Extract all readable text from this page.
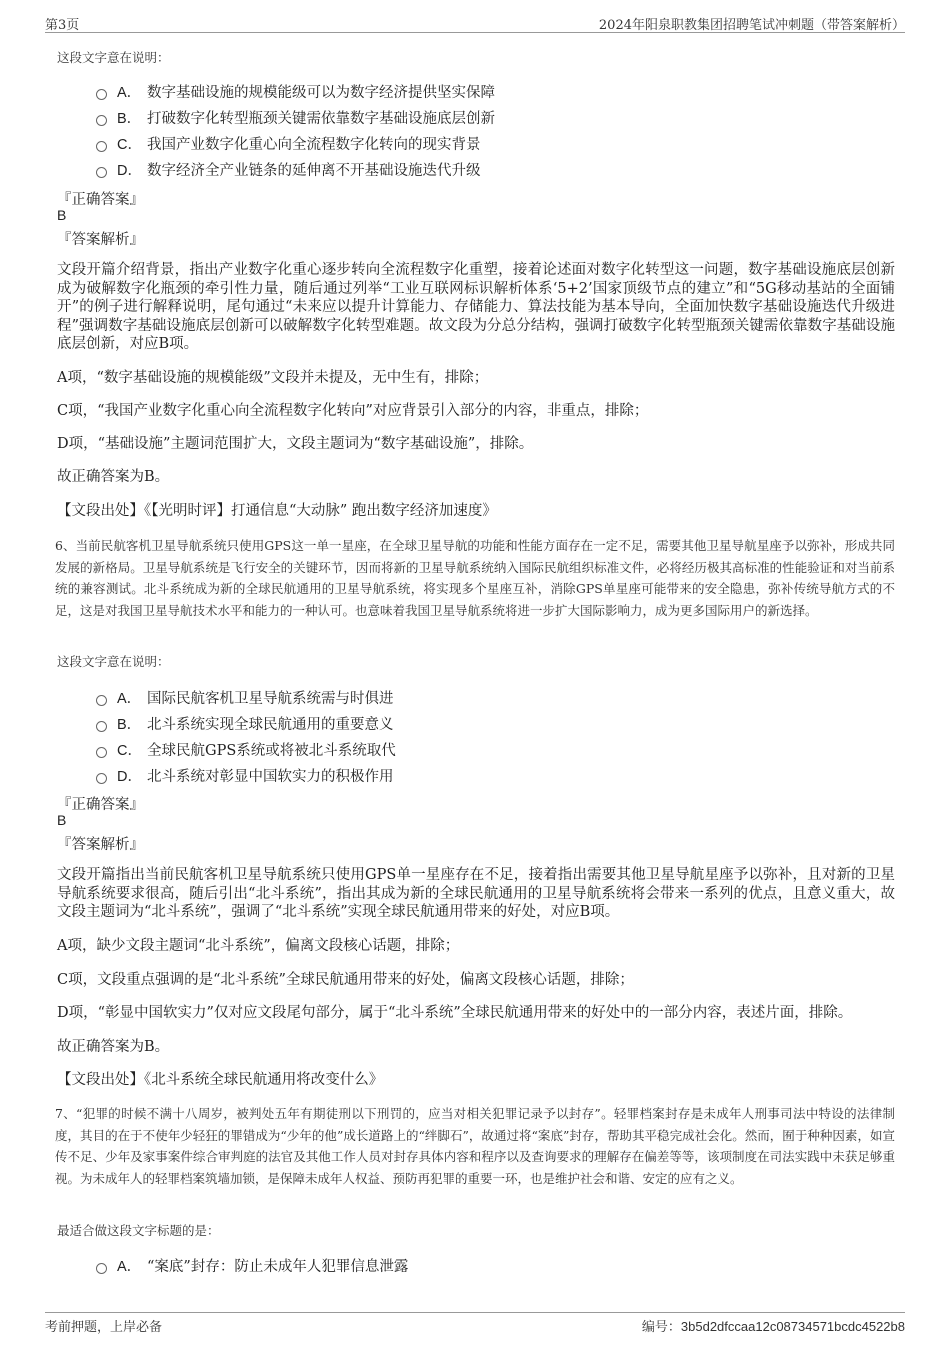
第3页	2024年阳泉职教集团招聘笔试冲刺题（带答案解析）
这段文字意在说明：
A． 数字基础设施的规模能级可以为数字经济提供坚实保障
B． 打破数字化转型瓶颈关键需依靠数字基础设施底层创新
C． 我国产业数字化重心向全流程数字化转向的现实背景
D． 数字经济全产业链条的延伸离不开基础设施迭代升级
『正确答案』
B
『答案解析』
文段开篇介绍背景，指出产业数字化重心逐步转向全流程数字化重塑，接着论述面对数字化转型这一问题，数字基础设施底层创新成为破解数字化瓶颈的牵引性力量，随后通过列举“工业互联网标识解析体系‘5+2’国家顶级节点的建立”和“5G移动基站的全面铺开”的例子进行解释说明，尾句通过“未来应以提升计算能力、存储能力、算法技能为基本导向，全面加快数字基础设施迭代升级进程”强调数字基础设施底层创新可以破解数字化转型难题。故文段为分总分结构，强调打破数字化转型瓶颈关键需依靠数字基础设施底层创新，对应B项。
A项，“数字基础设施的规模能级”文段并未提及，无中生有，排除；
C项，“我国产业数字化重心向全流程数字化转向”对应背景引入部分的内容，非重点，排除；
D项，“基础设施”主题词范围扩大，文段主题词为“数字基础设施”，排除。
故正确答案为B。
【文段出处】《【光明时评】打通信息“大动脉” 跑出数字经济加速度》
6、当前民航客机卫星导航系统只使用GPS这一单一星座，在全球卫星导航的功能和性能方面存在一定不足，需要其他卫星导航星座予以弥补，形成共同发展的新格局。卫星导航系统是飞行安全的关键环节，因而将新的卫星导航系统纳入国际民航组织标准文件，必将经历极其高标准的性能验证和对当前系统的兼容测试。北斗系统成为新的全球民航通用的卫星导航系统，将实现多个星座互补，消除GPS单星座可能带来的安全隐患，弥补传统导航方式的不足，这是对我国卫星导航技术水平和能力的一种认可。也意味着我国卫星导航系统将进一步扩大国际影响力，成为更多国际用户的新选择。
这段文字意在说明：
A． 国际民航客机卫星导航系统需与时俱进
B． 北斗系统实现全球民航通用的重要意义
C． 全球民航GPS系统或将被北斗系统取代
D． 北斗系统对彰显中国软实力的积极作用
『正确答案』
B
『答案解析』
文段开篇指出当前民航客机卫星导航系统只使用GPS单一星座存在不足，接着指出需要其他卫星导航星座予以弥补，且对新的卫星导航系统要求很高，随后引出“北斗系统”，指出其成为新的全球民航通用的卫星导航系统将会带来一系列的优点，且意义重大，故文段主题词为“北斗系统”，强调了“北斗系统”实现全球民航通用带来的好处，对应B项。
A项，缺少文段主题词“北斗系统”，偏离文段核心话题，排除；
C项，文段重点强调的是“北斗系统”全球民航通用带来的好处，偏离文段核心话题，排除；
D项，“彰显中国软实力”仅对应文段尾句部分，属于“北斗系统”全球民航通用带来的好处中的一部分内容，表述片面，排除。
故正确答案为B。
【文段出处】《北斗系统全球民航通用将改变什么》
7、“犯罪的时候不满十八周岁，被判处五年有期徒刑以下刑罚的，应当对相关犯罪记录予以封存”。轻罪档案封存是未成年人刑事司法中特设的法律制度，其目的在于不使年少轻狂的罪错成为“少年的他”成长道路上的“绊脚石”，故通过将“案底”封存，帮助其平稳完成社会化。然而，囿于种种因素，如宣传不足、少年及家事案件综合审判庭的法官及其他工作人员对封存具体内容和程序以及查询要求的理解存在偏差等等，该项制度在司法实践中未获足够重视。为未成年人的轻罪档案筑墙加锁，是保障未成年人权益、预防再犯罪的重要一环，也是维护社会和谐、安定的应有之义。
最适合做这段文字标题的是：
A． “案底”封存：防止未成年人犯罪信息泄露
考前押题，上岸必备	编号：3b5d2dfccaa12c08734571bcdc4522b8
